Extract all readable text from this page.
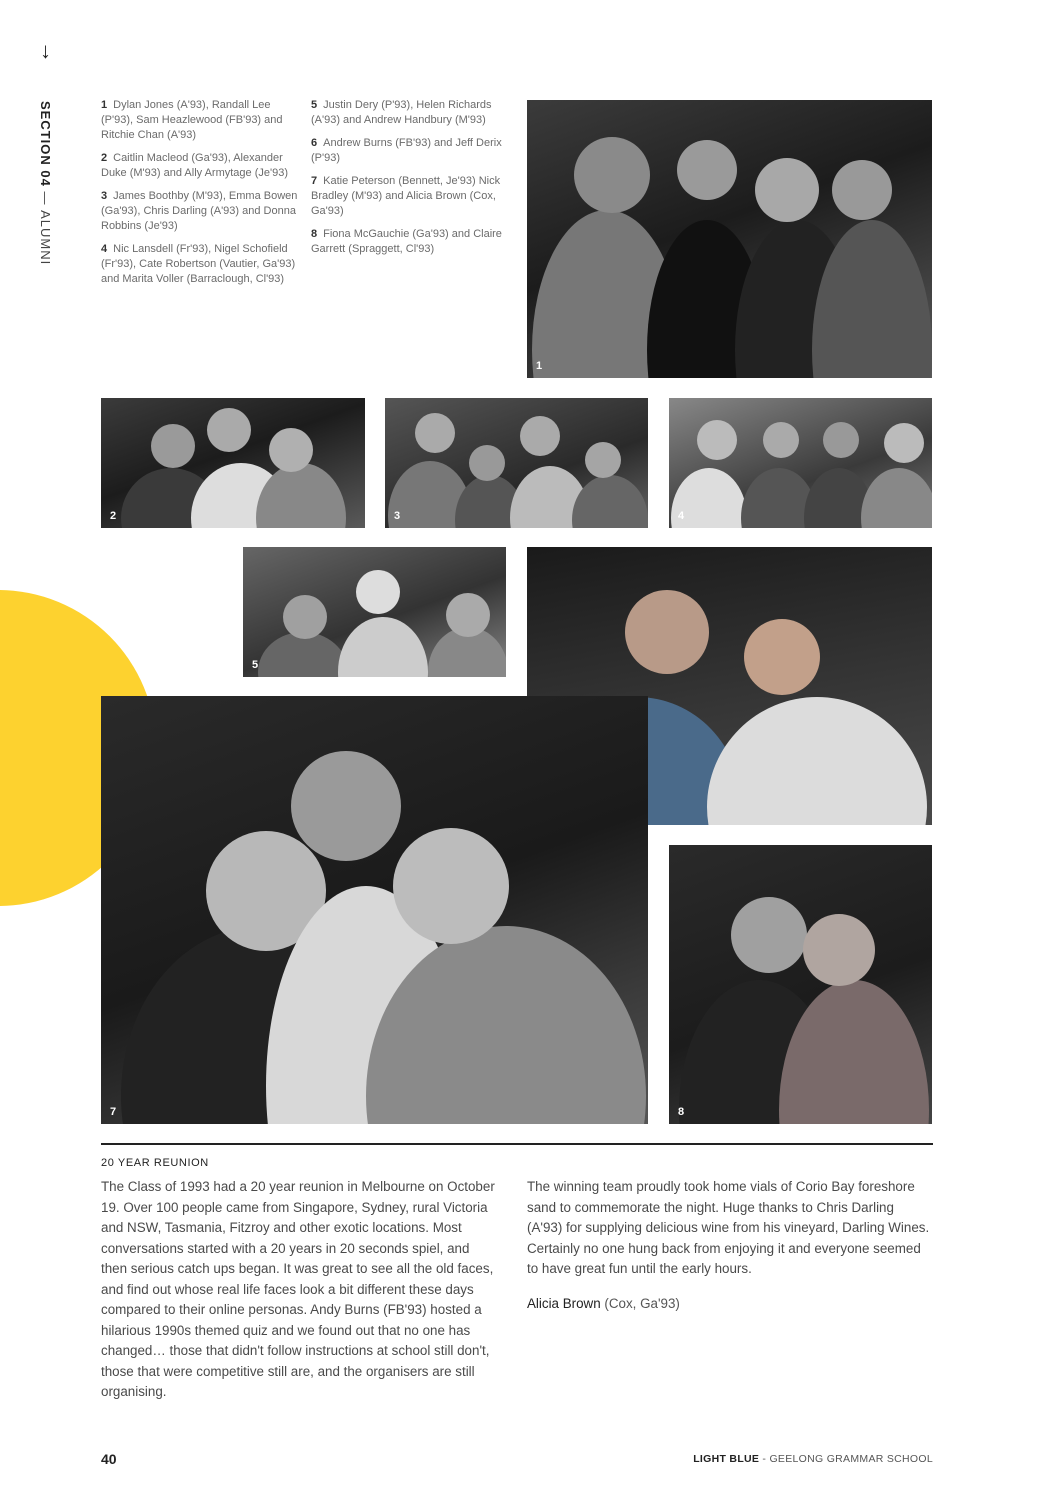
↓
SECTION 04 — ALUMNI
1 Dylan Jones (A'93), Randall Lee (P'93), Sam Heazlewood (FB'93) and Ritchie Chan (A'93)
2 Caitlin Macleod (Ga'93), Alexander Duke (M'93) and Ally Armytage (Je'93)
3 James Boothby (M'93), Emma Bowen (Ga'93), Chris Darling (A'93) and Donna Robbins (Je'93)
4 Nic Lansdell (Fr'93), Nigel Schofield (Fr'93), Cate Robertson (Vautier, Ga'93) and Marita Voller (Barraclough, Cl'93)
5 Justin Dery (P'93), Helen Richards (A'93) and Andrew Handbury (M'93)
6 Andrew Burns (FB'93) and Jeff Derix (P'93)
7 Katie Peterson (Bennett, Je'93) Nick Bradley (M'93) and Alicia Brown (Cox, Ga'93)
8 Fiona McGauchie (Ga'93) and Claire Garrett (Spraggett, Cl'93)
1
2	3	4
5
7	8
20 YEAR REUNION

The Class of 1993 had a 20 year reunion in Melbourne on October 19. Over 100 people came from Singapore, Sydney, rural Victoria and NSW, Tasmania, Fitzroy and other exotic locations. Most conversations started with a 20 years in 20 seconds spiel, and then serious catch ups began. It was great to see all the old faces, and find out whose real life faces look a bit different these days compared to their online personas. Andy Burns (FB'93) hosted a hilarious 1990s themed quiz and we found out that no one has changed… those that didn't follow instructions at school still don't, those that were competitive still are, and the organisers are still organising.

The winning team proudly took home vials of Corio Bay foreshore sand to commemorate the night. Huge thanks to Chris Darling (A'93) for supplying delicious wine from his vineyard, Darling Wines. Certainly no one hung back from enjoying it and everyone seemed to have great fun until the early hours.

Alicia Brown (Cox, Ga'93)

40	LIGHT BLUE - GEELONG GRAMMAR SCHOOL
